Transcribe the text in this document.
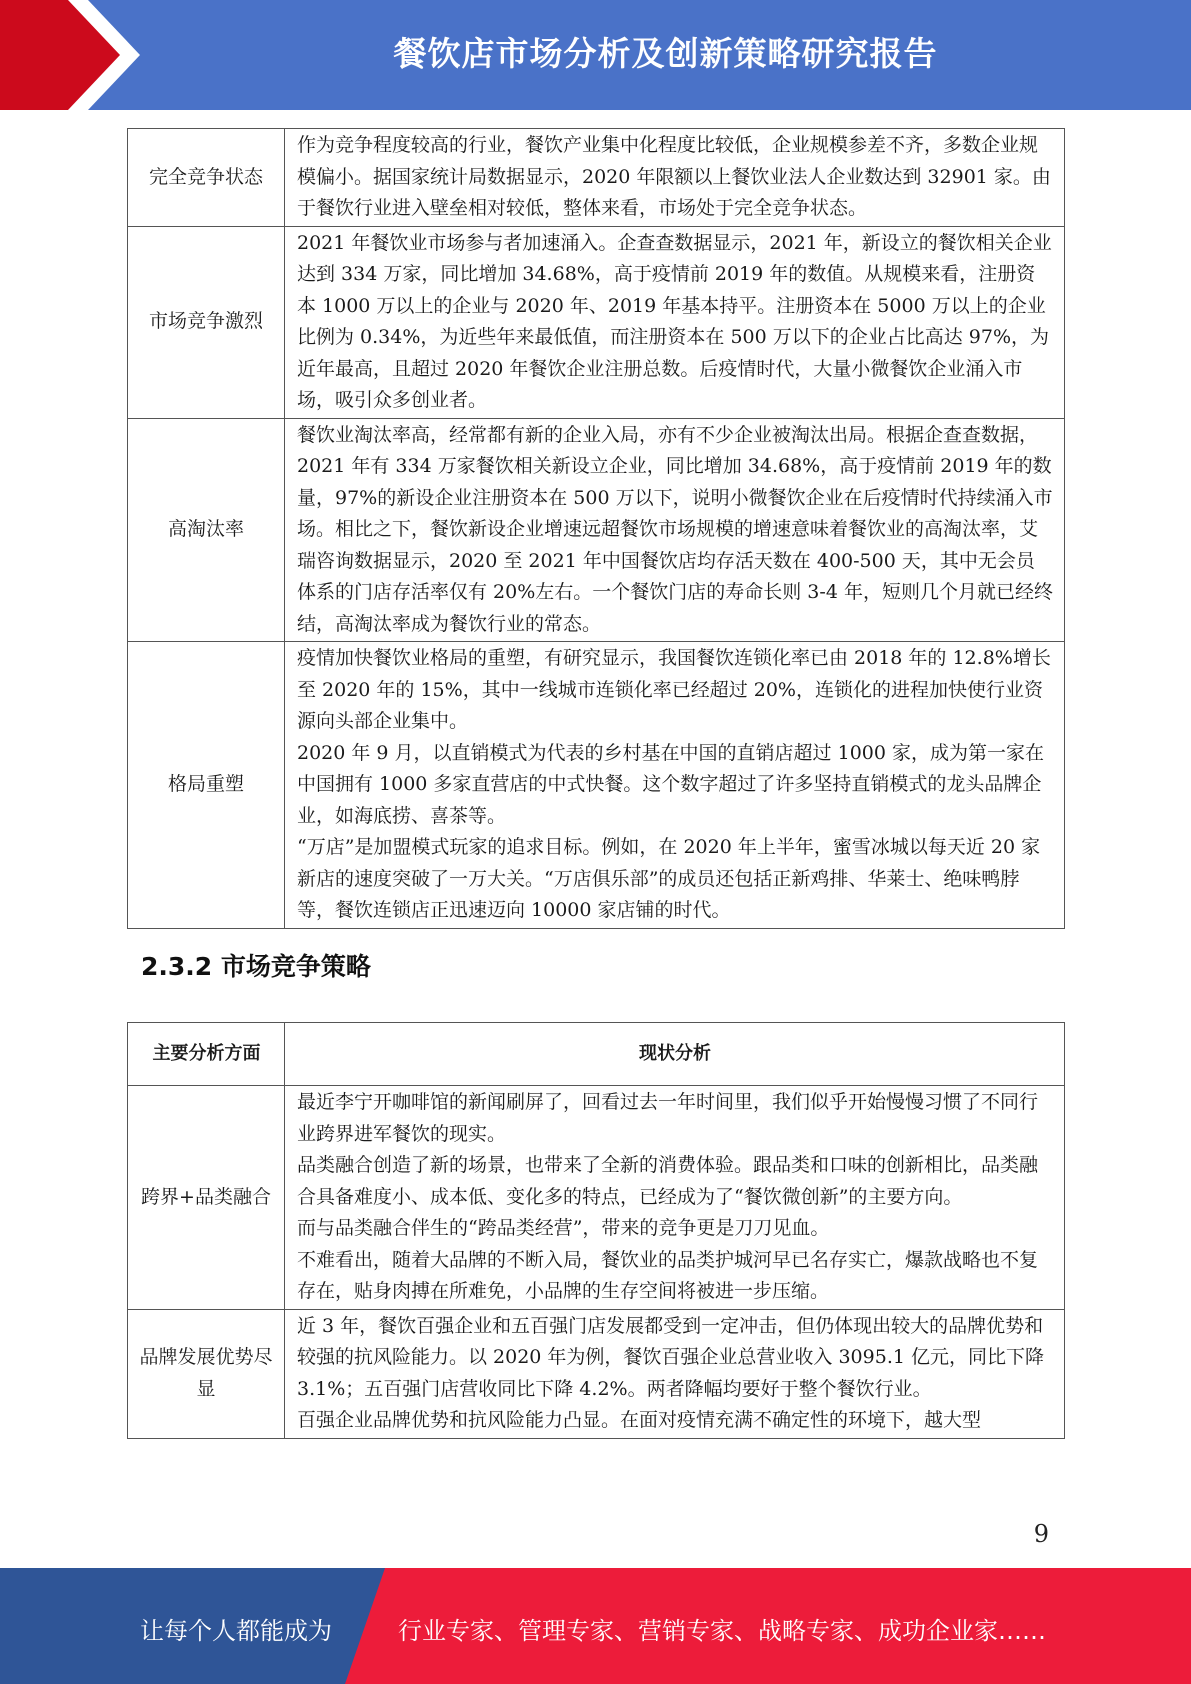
餐饮店市场分析及创新策略研究报告
完全竞争状态	作为竞争程度较高的行业，餐饮产业集中化程度比较低，企业规模参差不齐，多数企业规模偏小。据国家统计局数据显示，2020 年限额以上餐饮业法人企业数达到 32901 家。由于餐饮行业进入壁垒相对较低，整体来看，市场处于完全竞争状态。

市场竞争激烈	2021 年餐饮业市场参与者加速涌入。企查查数据显示，2021 年，新设立的餐饮相关企业达到 334 万家，同比增加 34.68%，高于疫情前 2019 年的数值。从规模来看，注册资本 1000 万以上的企业与 2020 年、2019 年基本持平。注册资本在 5000 万以上的企业比例为 0.34%，为近些年来最低值，而注册资本在 500 万以下的企业占比高达 97%，为近年最高，且超过 2020 年餐饮企业注册总数。后疫情时代，大量小微餐饮企业涌入市场，吸引众多创业者。

高淘汰率	餐饮业淘汰率高，经常都有新的企业入局，亦有不少企业被淘汰出局。根据企查查数据，2021 年有 334 万家餐饮相关新设立企业，同比增加 34.68%，高于疫情前 2019 年的数量，97%的新设企业注册资本在 500 万以下，说明小微餐饮企业在后疫情时代持续涌入市场。相比之下，餐饮新设企业增速远超餐饮市场规模的增速意味着餐饮业的高淘汰率，艾瑞咨询数据显示，2020 至 2021 年中国餐饮店均存活天数在 400-500 天，其中无会员体系的门店存活率仅有 20%左右。一个餐饮门店的寿命长则 3-4 年，短则几个月就已经终结，高淘汰率成为餐饮行业的常态。

格局重塑	疫情加快餐饮业格局的重塑，有研究显示，我国餐饮连锁化率已由 2018 年的 12.8%增长至 2020 年的 15%，其中一线城市连锁化率已经超过 20%，连锁化的进程加快使行业资源向头部企业集中。

2020 年 9 月，以直销模式为代表的乡村基在中国的直销店超过 1000 家，成为第一家在中国拥有 1000 多家直营店的中式快餐。这个数字超过了许多坚持直销模式的龙头品牌企业，如海底捞、喜茶等。

“万店”是加盟模式玩家的追求目标。例如，在 2020 年上半年，蜜雪冰城以每天近 20 家新店的速度突破了一万大关。“万店俱乐部”的成员还包括正新鸡排、华莱士、绝味鸭脖等，餐饮连锁店正迅速迈向 10000 家店铺的时代。

2.3.2 市场竞争策略
主要分析方面	现状分析
跨界+品类融合	最近李宁开咖啡馆的新闻刷屏了，回看过去一年时间里，我们似乎开始慢慢习惯了不同行业跨界进军餐饮的现实。

品类融合创造了新的场景，也带来了全新的消费体验。跟品类和口味的创新相比，品类融合具备难度小、成本低、变化多的特点，已经成为了“餐饮微创新”的主要方向。

而与品类融合伴生的“跨品类经营”，带来的竞争更是刀刀见血。

不难看出，随着大品牌的不断入局，餐饮业的品类护城河早已名存实亡，爆款战略也不复存在，贴身肉搏在所难免，小品牌的生存空间将被进一步压缩。

品牌发展优势尽显	近 3 年，餐饮百强企业和五百强门店发展都受到一定冲击，但仍体现出较大的品牌优势和较强的抗风险能力。以 2020 年为例，餐饮百强企业总营业收入 3095.1 亿元，同比下降 3.1%；五百强门店营收同比下降 4.2%。两者降幅均要好于整个餐饮行业。

百强企业品牌优势和抗风险能力凸显。在面对疫情充满不确定性的环境下，越大型

9
让每个人都能成为	行业专家、管理专家、营销专家、战略专家、成功企业家……
